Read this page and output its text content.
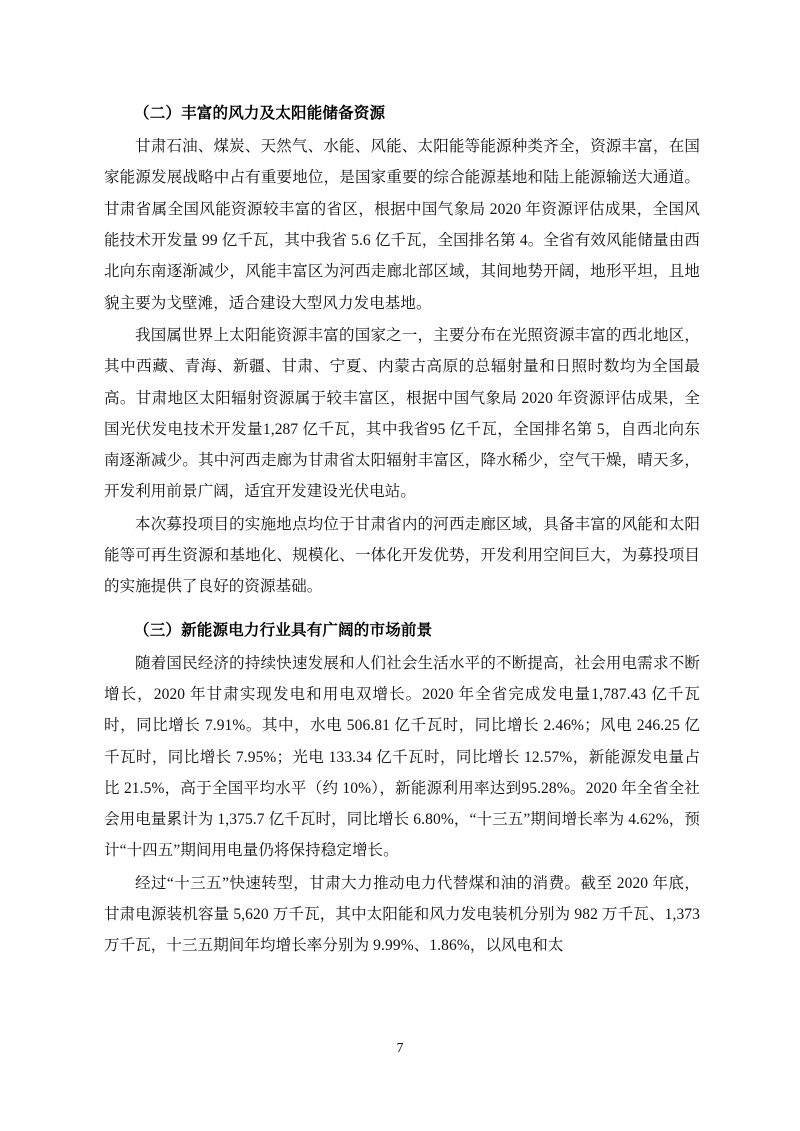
（二）丰富的风力及太阳能储备资源

甘肃石油、煤炭、天然气、水能、风能、太阳能等能源种类齐全，资源丰富，在国家能源发展战略中占有重要地位，是国家重要的综合能源基地和陆上能源输送大通道。甘肃省属全国风能资源较丰富的省区，根据中国气象局 2020 年资源评估成果，全国风能技术开发量 99 亿千瓦，其中我省 5.6 亿千瓦，全国排名第 4。全省有效风能储量由西北向东南逐渐减少，风能丰富区为河西走廊北部区域，其间地势开阔，地形平坦，且地貌主要为戈壁滩，适合建设大型风力发电基地。

我国属世界上太阳能资源丰富的国家之一，主要分布在光照资源丰富的西北地区，其中西藏、青海、新疆、甘肃、宁夏、内蒙古高原的总辐射量和日照时数均为全国最高。甘肃地区太阳辐射资源属于较丰富区，根据中国气象局 2020 年资源评估成果，全国光伏发电技术开发量1,287 亿千瓦，其中我省95 亿千瓦，全国排名第 5，自西北向东南逐渐减少。其中河西走廊为甘肃省太阳辐射丰富区，降水稀少，空气干燥，晴天多，开发利用前景广阔，适宜开发建设光伏电站。

本次募投项目的实施地点均位于甘肃省内的河西走廊区域，具备丰富的风能和太阳能等可再生资源和基地化、规模化、一体化开发优势，开发利用空间巨大，为募投项目的实施提供了良好的资源基础。

（三）新能源电力行业具有广阔的市场前景

随着国民经济的持续快速发展和人们社会生活水平的不断提高，社会用电需求不断增长，2020 年甘肃实现发电和用电双增长。2020 年全省完成发电量1,787.43 亿千瓦时，同比增长 7.91%。其中，水电 506.81 亿千瓦时，同比增长 2.46%；风电 246.25 亿千瓦时，同比增长 7.95%；光电 133.34 亿千瓦时，同比增长 12.57%，新能源发电量占比 21.5%，高于全国平均水平（约 10%），新能源利用率达到95.28%。2020 年全省全社会用电量累计为 1,375.7 亿千瓦时，同比增长 6.80%，“十三五”期间增长率为 4.62%，预计“十四五”期间用电量仍将保持稳定增长。

经过“十三五”快速转型，甘肃大力推动电力代替煤和油的消费。截至 2020 年底，甘肃电源装机容量 5,620 万千瓦，其中太阳能和风力发电装机分别为 982 万千瓦、1,373 万千瓦，十三五期间年均增长率分别为 9.99%、1.86%，以风电和太

7
